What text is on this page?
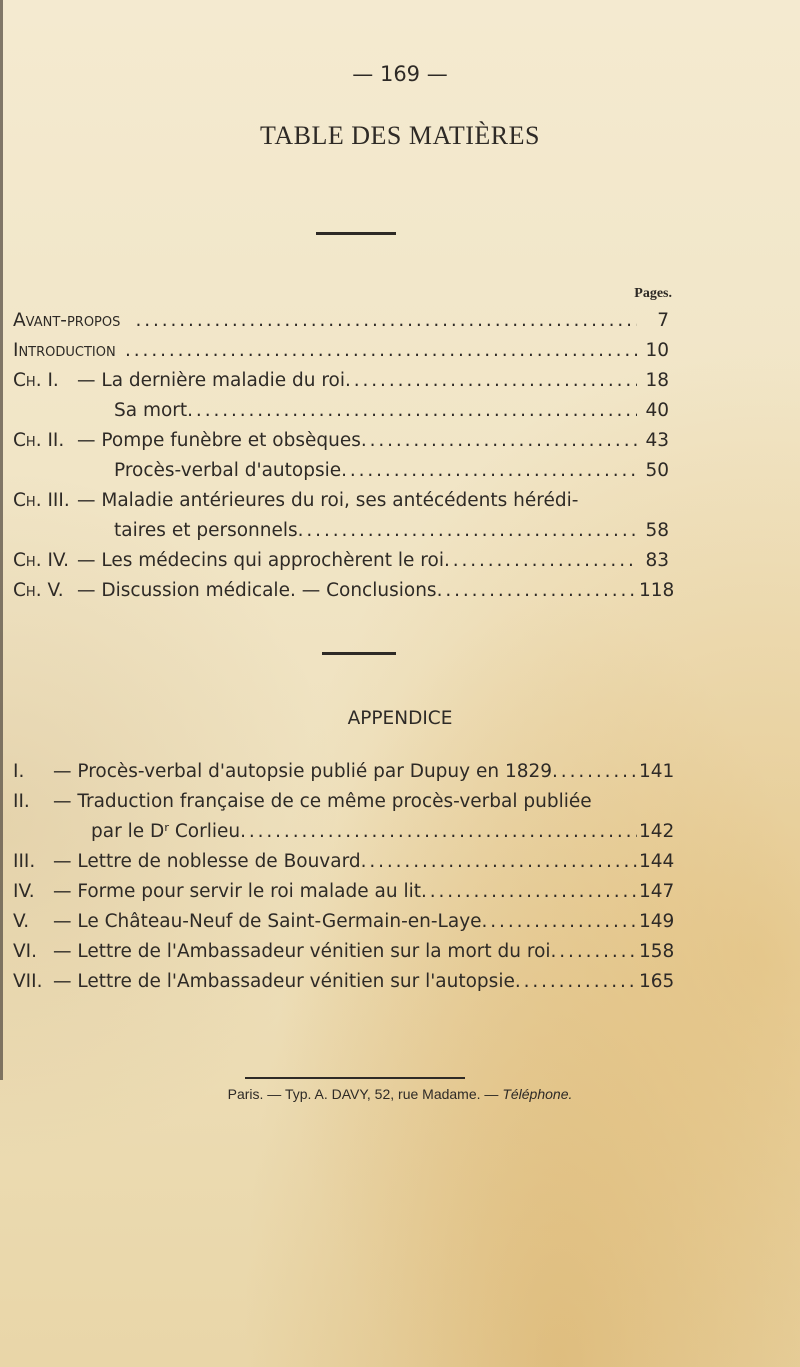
— 169 —
TABLE DES MATIÈRES
Pages.
Avant-propos . . .	7
Introduction . . .	10
Ch. I. — La dernière maladie du roi . . .	18
Sa mort . . .	40
Ch. II. — Pompe funèbre et obsèques . . .	43
Procès-verbal d'autopsie . . .	50
Ch. III. — Maladie antérieures du roi, ses antécédents hérédi-
taires et personnels . . .	58
Ch. IV. — Les médecins qui approchèrent le roi . . .	83
Ch. V. — Discussion médicale. — Conclusions . . .	118
APPENDICE
I. — Procès-verbal d'autopsie publié par Dupuy en 1829 . . .	141
II. — Traduction française de ce même procès-verbal publiée
par le Dʳ Corlieu . . .	142
III. — Lettre de noblesse de Bouvard . . .	144
IV. — Forme pour servir le roi malade au lit . . .	147
V. — Le Château-Neuf de Saint-Germain-en-Laye . . .	149
VI. — Lettre de l'Ambassadeur vénitien sur la mort du roi . . .	158
VII. — Lettre de l'Ambassadeur vénitien sur l'autopsie . . .	165
Paris. — Typ. A. DAVY, 52, rue Madame. — Téléphone.
